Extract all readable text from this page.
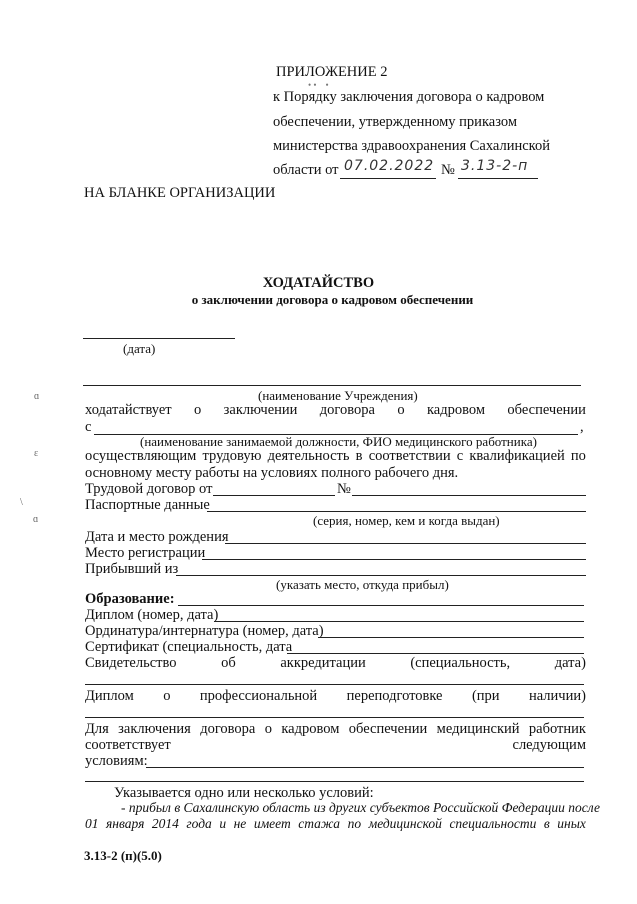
ПРИЛОЖЕНИЕ 2
• •    •
к Порядку заключения договора о кадровом
обеспечении, утвержденному приказом
министерства здравоохранения Сахалинской
области от 07.02.2022 № 3.13-2-п
НА БЛАНКЕ ОРГАНИЗАЦИИ
ХОДАТАЙСТВО
о заключении договора о кадровом обеспечении
(дата)
ɑ
ɛ
\
ɑ
(наименование Учреждения)
ходатайствует о заключении договора о кадровом обеспечении
с	,
(наименование занимаемой должности, ФИО медицинского работника)
осуществляющим трудовую деятельность в соответствии с квалификацией по
основному месту работы на условиях полного рабочего дня.
Трудовой договор от	№
Паспортные данные
(серия, номер, кем и когда выдан)
Дата и место рождения
Место регистрации
Прибывший из
(указать место, откуда прибыл)
Образование:
Диплом (номер, дата)
Ординатура/интернатура (номер, дата)
Сертификат (специальность, дата
Свидетельство	об	аккредитации	(специальность,	дата)
Диплом о профессиональной переподготовке (при наличии)
Для заключения договора о кадровом обеспечении медицинский работник
соответствует	следующим
условиям:
Указывается одно или несколько условий:
- прибыл в Сахалинскую область из других субъектов Российской Федерации после
01 января 2014 года и не имеет стажа по медицинской специальности в иных
3.13-2 (п)(5.0)
